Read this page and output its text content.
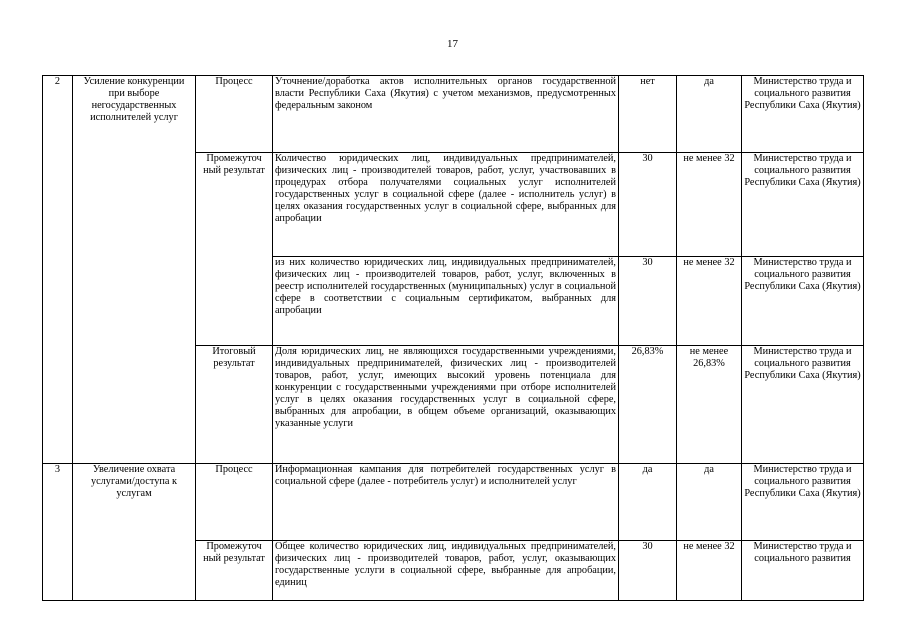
17
2	Усиление конкуренции при выборе негосударственных исполнителей услуг	Процесс	Уточнение/доработка актов исполнительных органов государственной власти Республики Саха (Якутия) с учетом механизмов, предусмотренных федеральным законом	нет	да	Министерство труда и социального развития Республики Саха (Якутия)
		Промежуточ ный результат	Количество юридических лиц, индивидуальных предпринимателей, физических лиц - производителей товаров, работ, услуг, участвовавших в процедурах отбора получателями социальных услуг исполнителей государственных услуг в социальной сфере (далее - исполнитель услуг) в целях оказания государственных услуг в социальной сфере, выбранных для апробации	30	не менее 32	Министерство труда и социального развития Республики Саха (Якутия)
			из них количество юридических лиц, индивидуальных предпринимателей, физических лиц - производителей товаров, работ, услуг, включенных в реестр исполнителей государственных (муниципальных) услуг в социальной сфере в соответствии с социальным сертификатом, выбранных для апробации	30	не менее 32	Министерство труда и социального развития Республики Саха (Якутия)
		Итоговый результат	Доля юридических лиц, не являющихся государственными учреждениями, индивидуальных предпринимателей, физических лиц - производителей товаров, работ, услуг, имеющих высокий уровень потенциала для конкуренции с государственными учреждениями при отборе исполнителей услуг в целях оказания государственных услуг в социальной сфере, выбранных для апробации, в общем объеме организаций, оказывающих указанные услуги	26,83%	не менее 26,83%	Министерство труда и социального развития Республики Саха (Якутия)
3	Увеличение охвата услугами/доступа к услугам	Процесс	Информационная кампания для потребителей государственных услуг в социальной сфере (далее - потребитель услуг) и исполнителей услуг	да	да	Министерство труда и социального развития Республики Саха (Якутия)
		Промежуточ ный результат	Общее количество юридических лиц, индивидуальных предпринимателей, физических лиц - производителей товаров, работ, услуг, оказывающих государственные услуги в социальной сфере, выбранные для апробации, единиц	30	не менее 32	Министерство труда и социального развития
